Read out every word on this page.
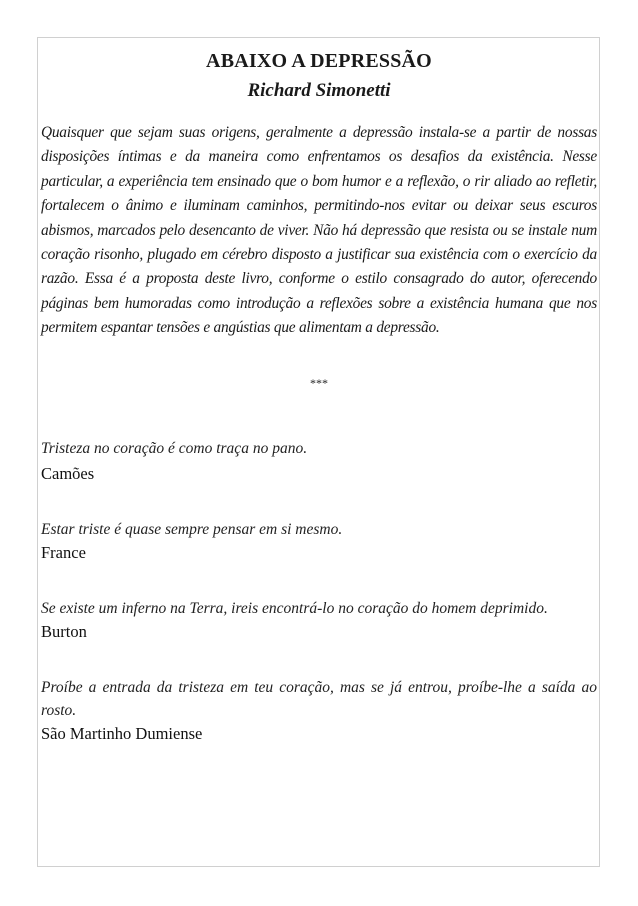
ABAIXO A DEPRESSÃO

Richard Simonetti

Quaisquer que sejam suas origens, geralmente a depressão instala-se a partir de nossas disposições íntimas e da maneira como enfrentamos os desafios da existência. Nesse particular, a experiência tem ensinado que o bom humor e a reflexão, o rir aliado ao refletir, fortalecem o ânimo e iluminam caminhos, permitindo-nos evitar ou deixar seus escuros abismos, marcados pelo desencanto de viver. Não há depressão que resista ou se instale num coração risonho, plugado em cérebro disposto a justificar sua existência com o exercício da razão. Essa é a proposta deste livro, conforme o estilo consagrado do autor, oferecendo páginas bem humoradas como introdução a reflexões sobre a existência humana que nos permitem espantar tensões e angústias que alimentam a depressão.

***

Tristeza no coração é como traça no pano.

Camões

Estar triste é quase sempre pensar em si mesmo.

France

Se existe um inferno na Terra, ireis encontrá-lo no coração do homem deprimido.

Burton

Proíbe a entrada da tristeza em teu coração, mas se já entrou, proíbe-lhe a saída ao rosto.

São Martinho Dumiense
